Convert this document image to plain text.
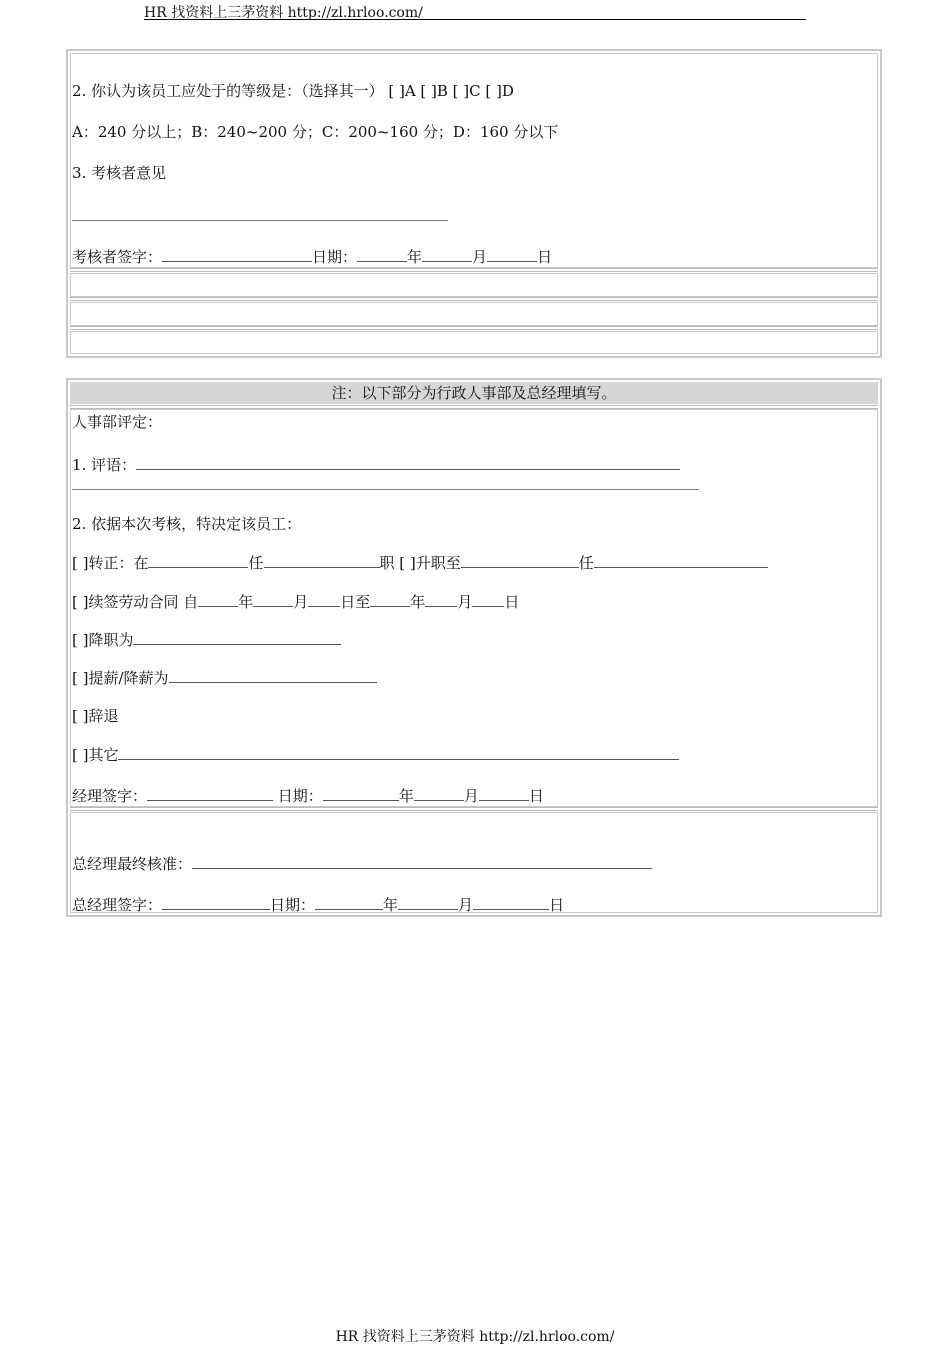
HR 找资料上三茅资料 http://zl.hrloo.com/
2. 你认为该员工应处于的等级是：（选择其一） [ ]A [ ]B [ ]C [ ]D
A：240 分以上；B：240~200 分；C：200~160 分；D：160 分以下
3. 考核者意见
考核者签字：	日期：	年	月	日
注：以下部分为行政人事部及总经理填写。
人事部评定：
1. 评语：
2. 依据本次考核，特决定该员工：
[ ]转正：在	任	职 [ ]升职至	任
[ ]续签劳动合同 自	年	月 日至	年 月 日
[ ]降职为
[ ]提薪/降薪为
[ ]辞退
[ ]其它
经理签字：	日期：	年	月	日
总经理最终核准：
总经理签字：	日期：	年	月	日
HR 找资料上三茅资料 http://zl.hrloo.com/
